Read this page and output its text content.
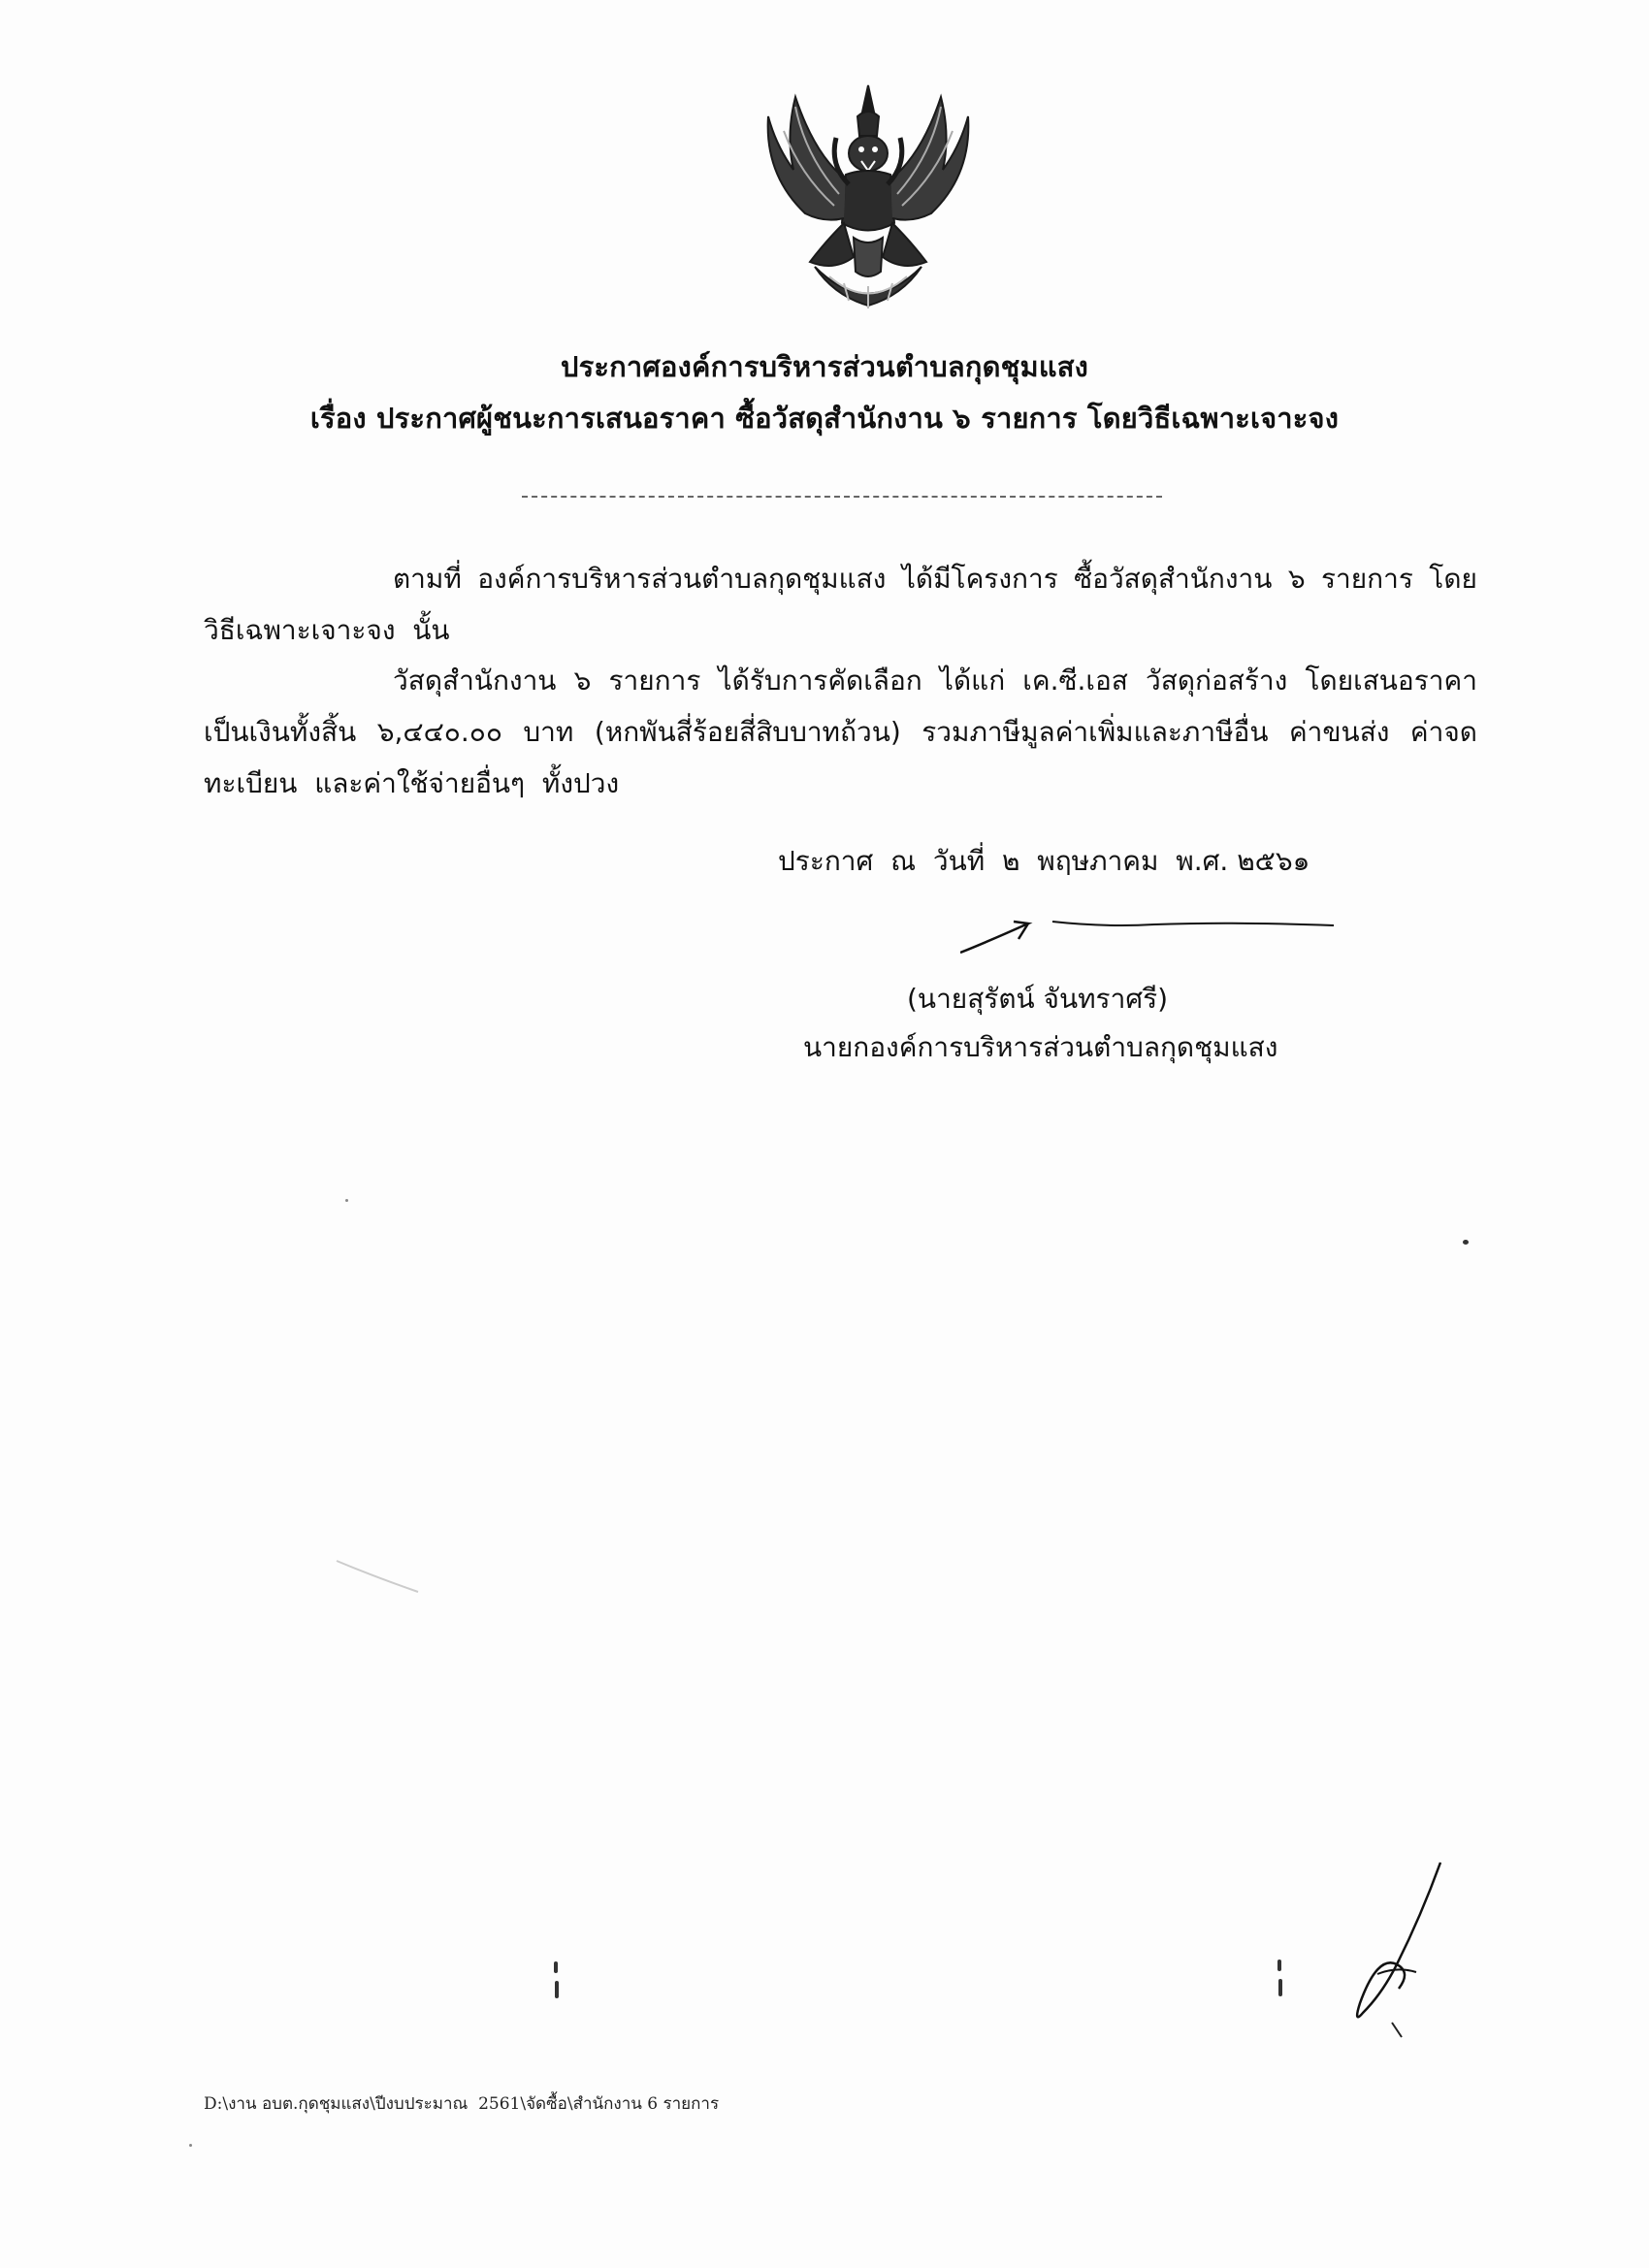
ประกาศองค์การบริหารส่วนตำบลกุดชุมแสง
เรื่อง ประกาศผู้ชนะการเสนอราคา ซื้อวัสดุสำนักงาน ๖ รายการ โดยวิธีเฉพาะเจาะจง
ตามที่ องค์การบริหารส่วนตำบลกุดชุมแสง ได้มีโครงการ ซื้อวัสดุสำนักงาน ๖ รายการ โดย
วิธีเฉพาะเจาะจง  นั้น
วัสดุสำนักงาน ๖ รายการ ได้รับการคัดเลือก ได้แก่ เค.ซี.เอส วัสดุก่อสร้าง โดยเสนอราคา
เป็นเงินทั้งสิ้น ๖,๔๔๐.๐๐ บาท (หกพันสี่ร้อยสี่สิบบาทถ้วน) รวมภาษีมูลค่าเพิ่มและภาษีอื่น ค่าขนส่ง ค่าจด
ทะเบียน  และค่าใช้จ่ายอื่นๆ  ทั้งปวง
ประกาศ  ณ  วันที่  ๒  พฤษภาคม  พ.ศ. ๒๕๖๑
(นายสุรัตน์ จันทราศรี)
นายกองค์การบริหารส่วนตำบลกุดชุมแสง
D:\งาน อบต.กุดชุมแสง\ปีงบประมาณ  2561\จัดซื้อ\สำนักงาน 6 รายการ
